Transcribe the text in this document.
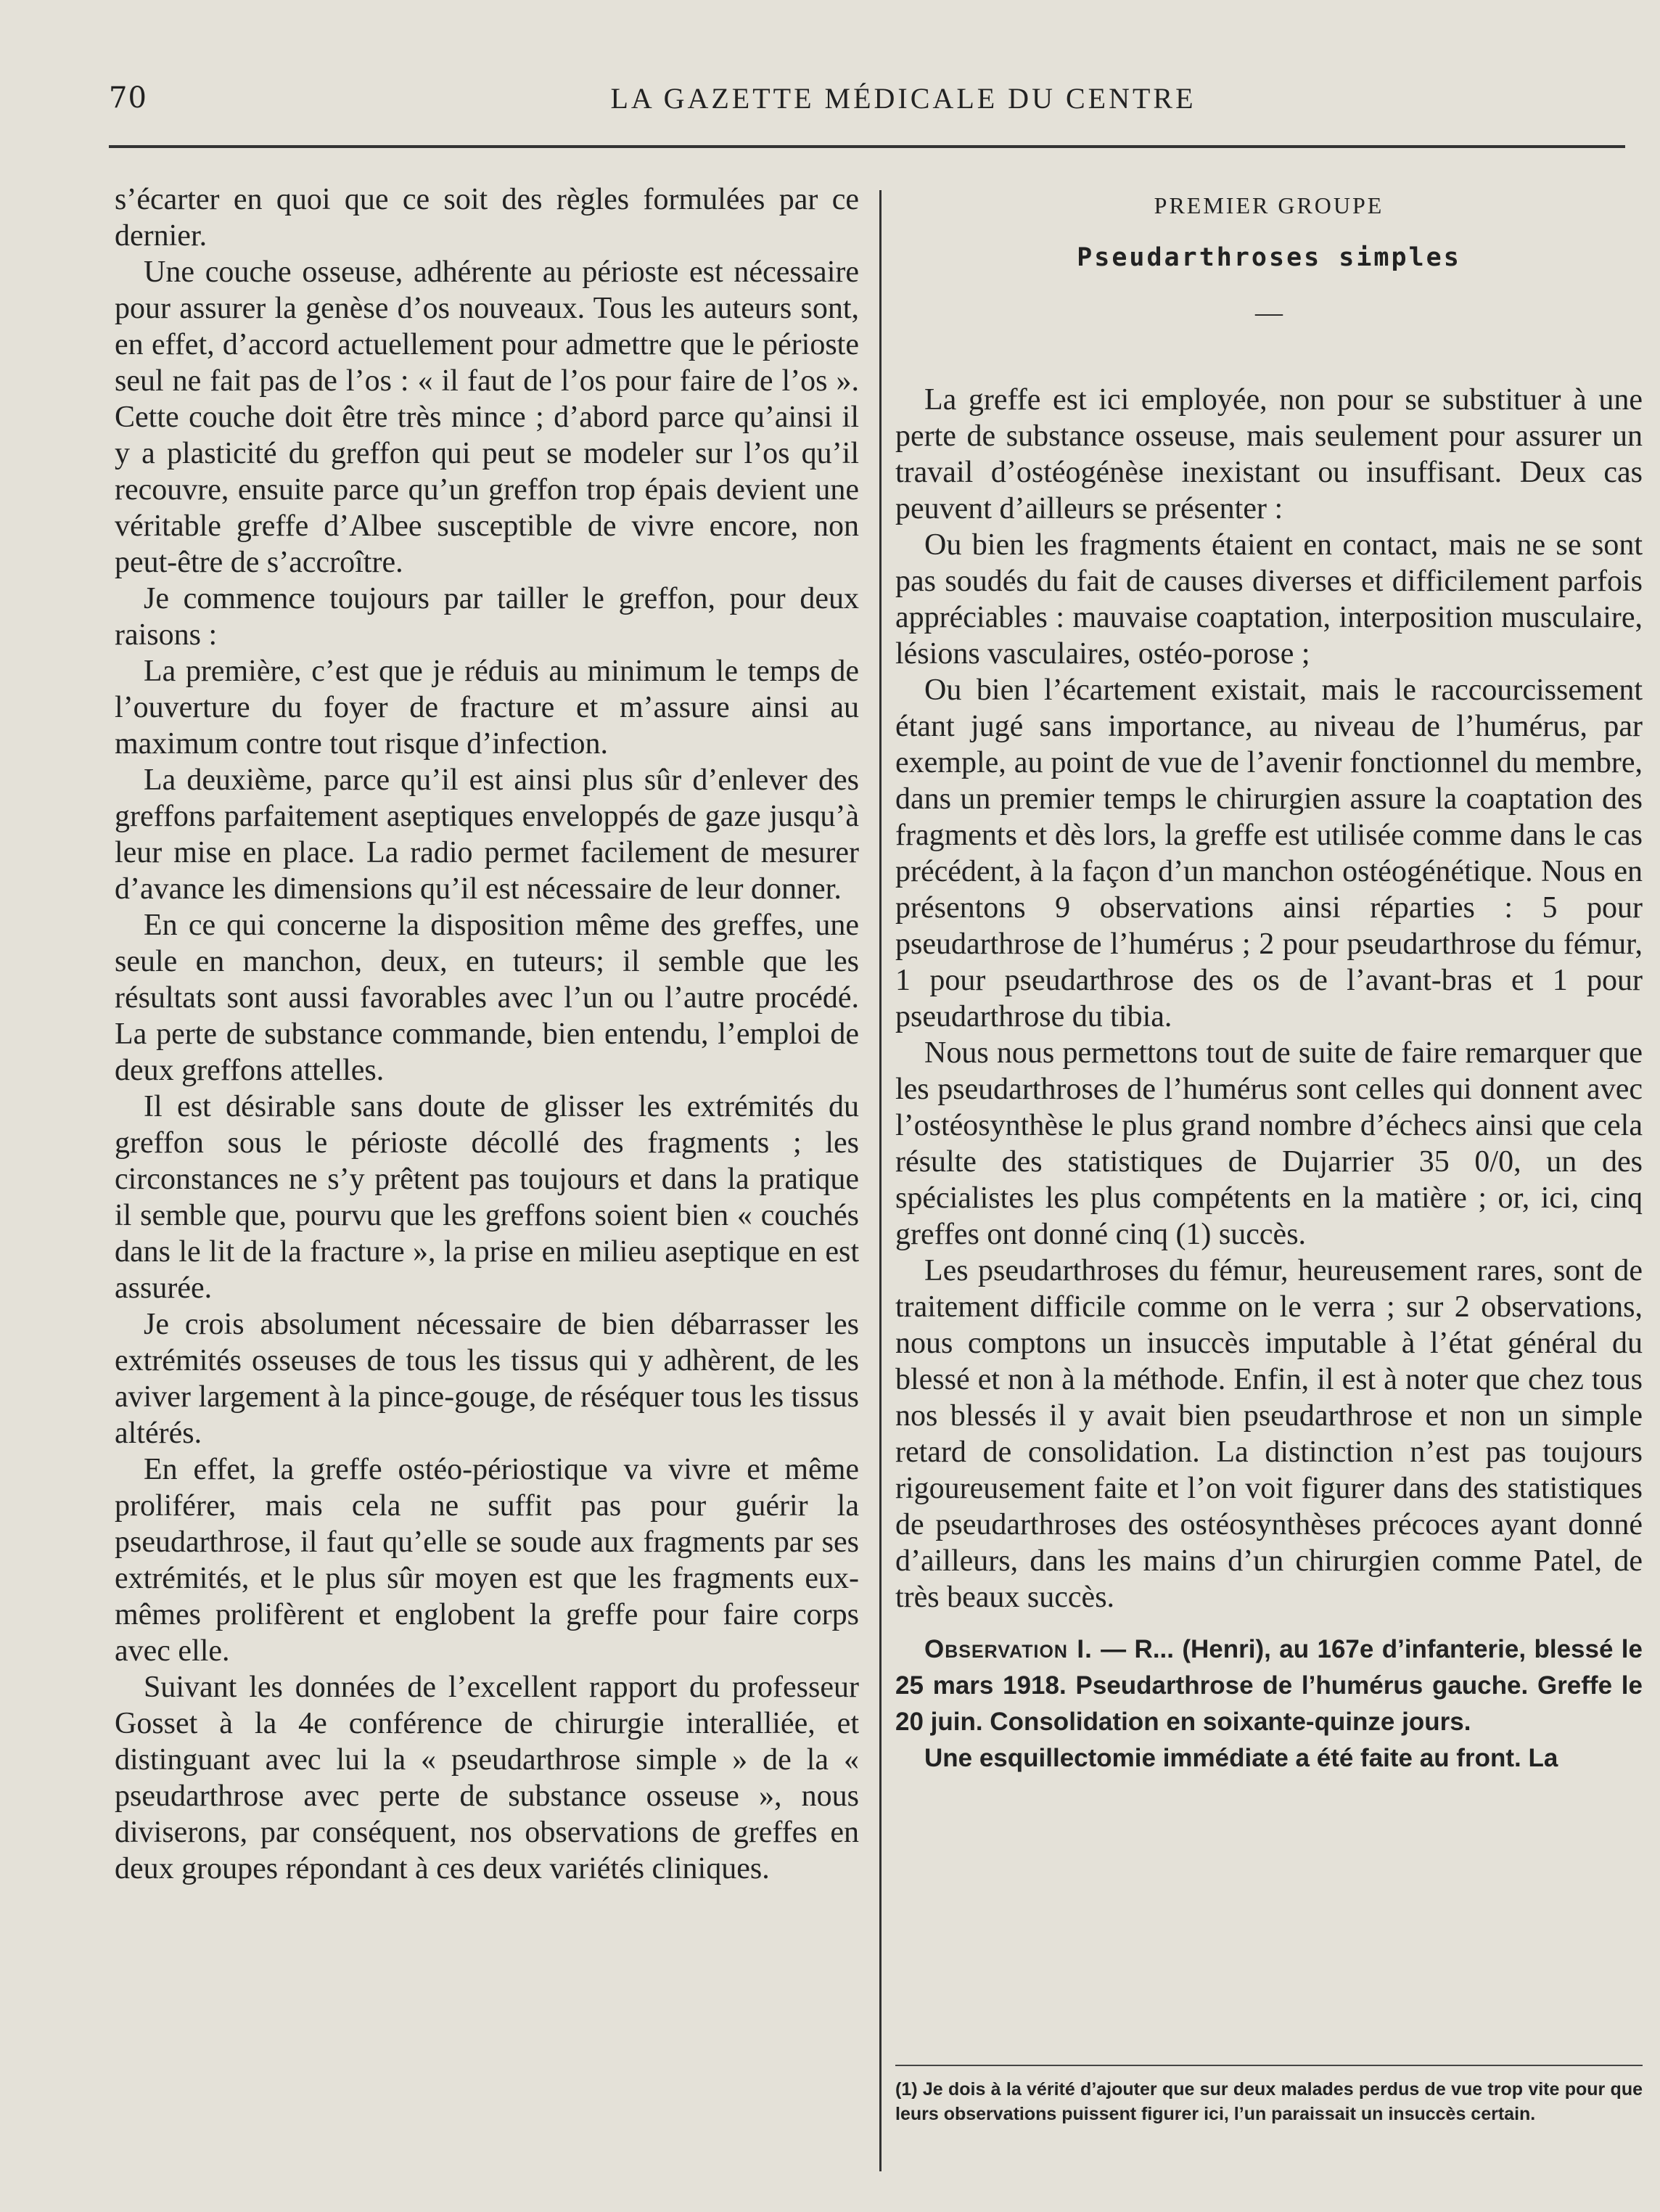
70	LA GAZETTE MÉDICALE DU CENTRE

s’écarter en quoi que ce soit des règles formulées par ce dernier.

Une couche osseuse, adhérente au périoste est nécessaire pour assurer la genèse d’os nouveaux. Tous les auteurs sont, en effet, d’accord actuellement pour admettre que le périoste seul ne fait pas de l’os : « il faut de l’os pour faire de l’os ». Cette couche doit être très mince ; d’abord parce qu’ainsi il y a plasticité du greffon qui peut se modeler sur l’os qu’il recouvre, ensuite parce qu’un greffon trop épais devient une véritable greffe d’Albee susceptible de vivre encore, non peut-être de s’accroître.

Je commence toujours par tailler le greffon, pour deux raisons :

La première, c’est que je réduis au minimum le temps de l’ouverture du foyer de fracture et m’assure ainsi au maximum contre tout risque d’infection.

La deuxième, parce qu’il est ainsi plus sûr d’enlever des greffons parfaitement aseptiques enveloppés de gaze jusqu’à leur mise en place. La radio permet facilement de mesurer d’avance les dimensions qu’il est nécessaire de leur donner.

En ce qui concerne la disposition même des greffes, une seule en manchon, deux, en tuteurs; il semble que les résultats sont aussi favorables avec l’un ou l’autre procédé. La perte de substance commande, bien entendu, l’emploi de deux greffons attelles.

Il est désirable sans doute de glisser les extrémités du greffon sous le périoste décollé des fragments ; les circonstances ne s’y prêtent pas toujours et dans la pratique il semble que, pourvu que les greffons soient bien « couchés dans le lit de la fracture », la prise en milieu aseptique en est assurée.

Je crois absolument nécessaire de bien débarrasser les extrémités osseuses de tous les tissus qui y adhèrent, de les aviver largement à la pince-gouge, de réséquer tous les tissus altérés.

En effet, la greffe ostéo-périostique va vivre et même proliférer, mais cela ne suffit pas pour guérir la pseudarthrose, il faut qu’elle se soude aux fragments par ses extrémités, et le plus sûr moyen est que les fragments eux-mêmes prolifèrent et englobent la greffe pour faire corps avec elle.

Suivant les données de l’excellent rapport du professeur Gosset à la 4e conférence de chirurgie interalliée, et distinguant avec lui la « pseudarthrose simple » de la « pseudarthrose avec perte de substance osseuse », nous diviserons, par conséquent, nos observations de greffes en deux groupes répondant à ces deux variétés cliniques.

PREMIER GROUPE

Pseudarthroses simples

—

La greffe est ici employée, non pour se substituer à une perte de substance osseuse, mais seulement pour assurer un travail d’ostéogénèse inexistant ou insuffisant. Deux cas peuvent d’ailleurs se présenter :

Ou bien les fragments étaient en contact, mais ne se sont pas soudés du fait de causes diverses et difficilement parfois appréciables : mauvaise coaptation, interposition musculaire, lésions vasculaires, ostéo-porose ;

Ou bien l’écartement existait, mais le raccourcissement étant jugé sans importance, au niveau de l’humérus, par exemple, au point de vue de l’avenir fonctionnel du membre, dans un premier temps le chirurgien assure la coaptation des fragments et dès lors, la greffe est utilisée comme dans le cas précédent, à la façon d’un manchon ostéogénétique. Nous en présentons 9 observations ainsi réparties : 5 pour pseudarthrose de l’humérus ; 2 pour pseudarthrose du fémur, 1 pour pseudarthrose des os de l’avant-bras et 1 pour pseudarthrose du tibia.

Nous nous permettons tout de suite de faire remarquer que les pseudarthroses de l’humérus sont celles qui donnent avec l’ostéosynthèse le plus grand nombre d’échecs ainsi que cela résulte des statistiques de Dujarrier 35 0/0, un des spécialistes les plus compétents en la matière ; or, ici, cinq greffes ont donné cinq (1) succès.

Les pseudarthroses du fémur, heureusement rares, sont de traitement difficile comme on le verra ; sur 2 observations, nous comptons un insuccès imputable à l’état général du blessé et non à la méthode. Enfin, il est à noter que chez tous nos blessés il y avait bien pseudarthrose et non un simple retard de consolidation. La distinction n’est pas toujours rigoureusement faite et l’on voit figurer dans des statistiques de pseudarthroses des ostéosynthèses précoces ayant donné d’ailleurs, dans les mains d’un chirurgien comme Patel, de très beaux succès.

Observation I. — R... (Henri), au 167e d’infanterie, blessé le 25 mars 1918. Pseudarthrose de l’humérus gauche. Greffe le 20 juin. Consolidation en soixante-quinze jours.

Une esquillectomie immédiate a été faite au front. La

(1) Je dois à la vérité d’ajouter que sur deux malades perdus de vue trop vite pour que leurs observations puissent figurer ici, l’un paraissait un insuccès certain.
